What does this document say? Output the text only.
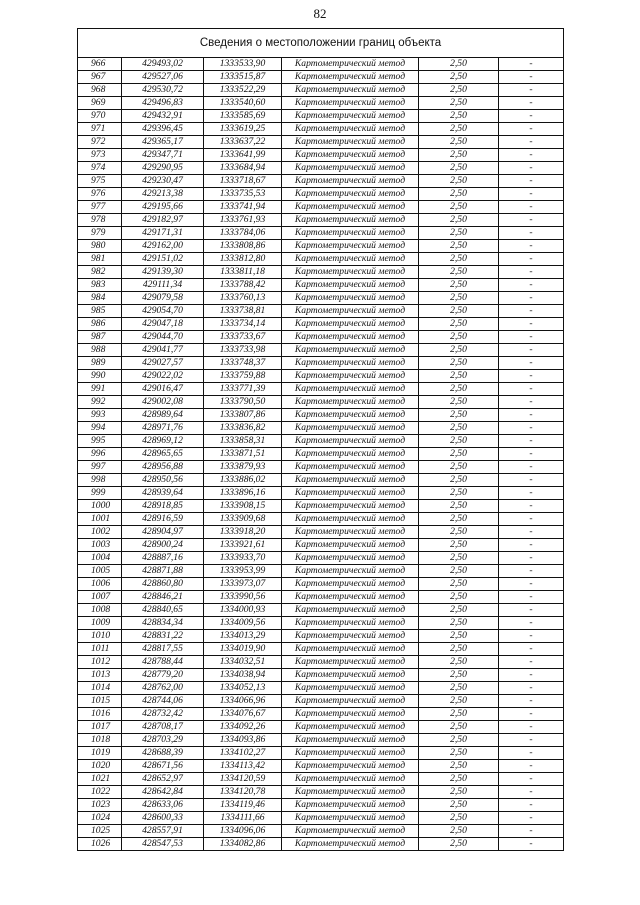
82
Сведения о местоположении границ объекта					
966	429493,02	1333533,90	Картометрический метод	2,50	-
967	429527,06	1333515,87	Картометрический метод	2,50	-
968	429530,72	1333522,29	Картометрический метод	2,50	-
969	429496,83	1333540,60	Картометрический метод	2,50	-
970	429432,91	1333585,69	Картометрический метод	2,50	-
971	429396,45	1333619,25	Картометрический метод	2,50	-
972	429365,17	1333637,22	Картометрический метод	2,50	-
973	429347,71	1333641,99	Картометрический метод	2,50	-
974	429290,95	1333684,94	Картометрический метод	2,50	-
975	429230,47	1333718,67	Картометрический метод	2,50	-
976	429213,38	1333735,53	Картометрический метод	2,50	-
977	429195,66	1333741,94	Картометрический метод	2,50	-
978	429182,97	1333761,93	Картометрический метод	2,50	-
979	429171,31	1333784,06	Картометрический метод	2,50	-
980	429162,00	1333808,86	Картометрический метод	2,50	-
981	429151,02	1333812,80	Картометрический метод	2,50	-
982	429139,30	1333811,18	Картометрический метод	2,50	-
983	429111,34	1333788,42	Картометрический метод	2,50	-
984	429079,58	1333760,13	Картометрический метод	2,50	-
985	429054,70	1333738,81	Картометрический метод	2,50	-
986	429047,18	1333734,14	Картометрический метод	2,50	-
987	429044,70	1333733,67	Картометрический метод	2,50	-
988	429041,77	1333733,98	Картометрический метод	2,50	-
989	429027,57	1333748,37	Картометрический метод	2,50	-
990	429022,02	1333759,88	Картометрический метод	2,50	-
991	429016,47	1333771,39	Картометрический метод	2,50	-
992	429002,08	1333790,50	Картометрический метод	2,50	-
993	428989,64	1333807,86	Картометрический метод	2,50	-
994	428971,76	1333836,82	Картометрический метод	2,50	-
995	428969,12	1333858,31	Картометрический метод	2,50	-
996	428965,65	1333871,51	Картометрический метод	2,50	-
997	428956,88	1333879,93	Картометрический метод	2,50	-
998	428950,56	1333886,02	Картометрический метод	2,50	-
999	428939,64	1333896,16	Картометрический метод	2,50	-
1000	428918,85	1333908,15	Картометрический метод	2,50	-
1001	428916,59	1333909,68	Картометрический метод	2,50	-
1002	428904,97	1333918,20	Картометрический метод	2,50	-
1003	428900,24	1333921,61	Картометрический метод	2,50	-
1004	428887,16	1333933,70	Картометрический метод	2,50	-
1005	428871,88	1333953,99	Картометрический метод	2,50	-
1006	428860,80	1333973,07	Картометрический метод	2,50	-
1007	428846,21	1333990,56	Картометрический метод	2,50	-
1008	428840,65	1334000,93	Картометрический метод	2,50	-
1009	428834,34	1334009,56	Картометрический метод	2,50	-
1010	428831,22	1334013,29	Картометрический метод	2,50	-
1011	428817,55	1334019,90	Картометрический метод	2,50	-
1012	428788,44	1334032,51	Картометрический метод	2,50	-
1013	428779,20	1334038,94	Картометрический метод	2,50	-
1014	428762,00	1334052,13	Картометрический метод	2,50	-
1015	428744,06	1334066,96	Картометрический метод	2,50	-
1016	428732,42	1334076,67	Картометрический метод	2,50	-
1017	428708,17	1334092,26	Картометрический метод	2,50	-
1018	428703,29	1334093,86	Картометрический метод	2,50	-
1019	428688,39	1334102,27	Картометрический метод	2,50	-
1020	428671,56	1334113,42	Картометрический метод	2,50	-
1021	428652,97	1334120,59	Картометрический метод	2,50	-
1022	428642,84	1334120,78	Картометрический метод	2,50	-
1023	428633,06	1334119,46	Картометрический метод	2,50	-
1024	428600,33	1334111,66	Картометрический метод	2,50	-
1025	428557,91	1334096,06	Картометрический метод	2,50	-
1026	428547,53	1334082,86	Картометрический метод	2,50	-
